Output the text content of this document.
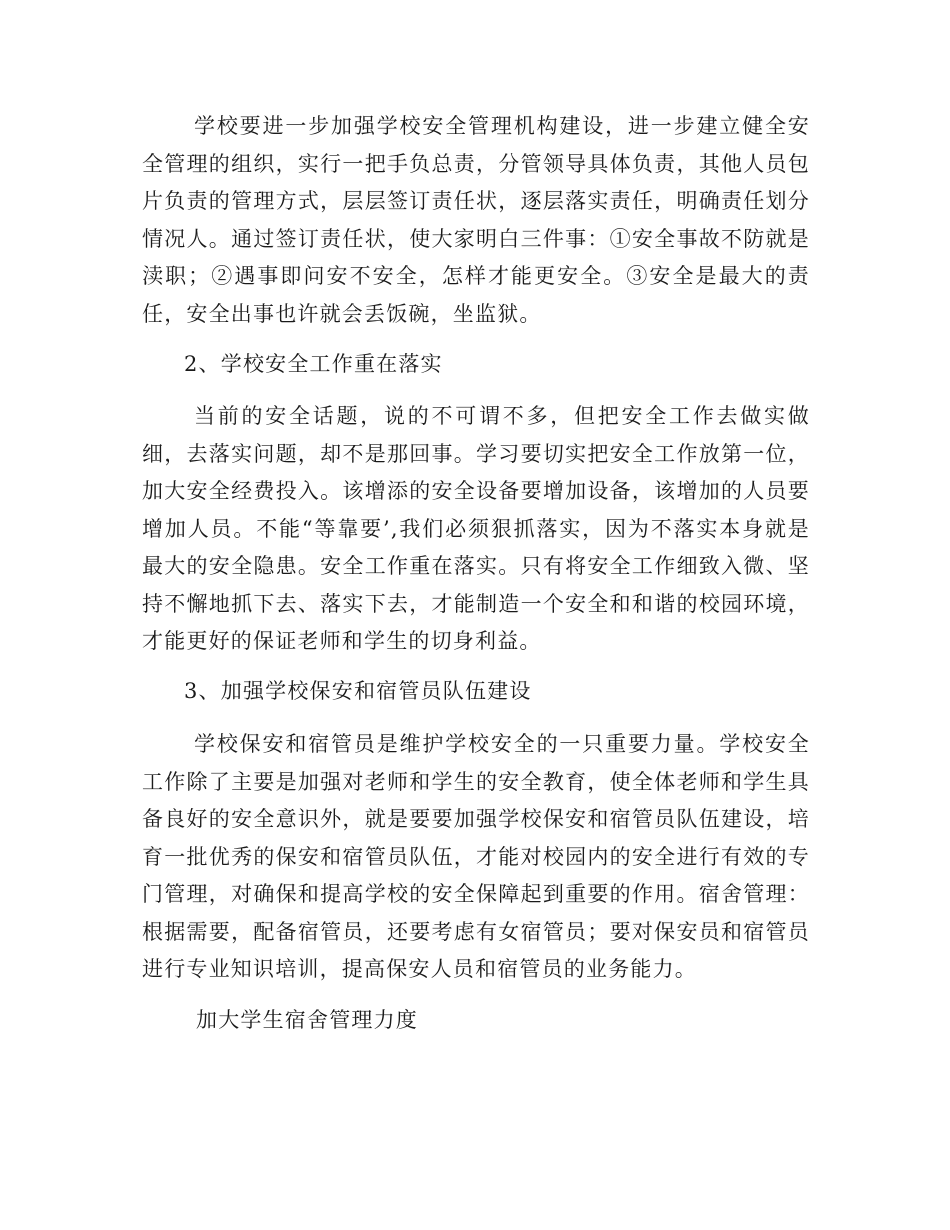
学校要进一步加强学校安全管理机构建设，进一步建立健全安全管理的组织，实行一把手负总责，分管领导具体负责，其他人员包片负责的管理方式，层层签订责任状，逐层落实责任，明确责任划分情况人。通过签订责任状，使大家明白三件事：①安全事故不防就是渎职；②遇事即问安不安全，怎样才能更安全。③安全是最大的责任，安全出事也许就会丢饭碗，坐监狱。

2、学校安全工作重在落实

当前的安全话题，说的不可谓不多，但把安全工作去做实做细，去落实问题，却不是那回事。学习要切实把安全工作放第一位，加大安全经费投入。该增添的安全设备要增加设备，该增加的人员要增加人员。不能“等靠要’,我们必须狠抓落实，因为不落实本身就是最大的安全隐患。安全工作重在落实。只有将安全工作细致入微、坚持不懈地抓下去、落实下去，才能制造一个安全和和谐的校园环境，才能更好的保证老师和学生的切身利益。

3、加强学校保安和宿管员队伍建设

学校保安和宿管员是维护学校安全的一只重要力量。学校安全工作除了主要是加强对老师和学生的安全教育，使全体老师和学生具备良好的安全意识外，就是要要加强学校保安和宿管员队伍建设，培育一批优秀的保安和宿管员队伍，才能对校园内的安全进行有效的专门管理，对确保和提高学校的安全保障起到重要的作用。宿舍管理：根据需要，配备宿管员，还要考虑有女宿管员；要对保安员和宿管员进行专业知识培训，提高保安人员和宿管员的业务能力。

加大学生宿舍管理力度
